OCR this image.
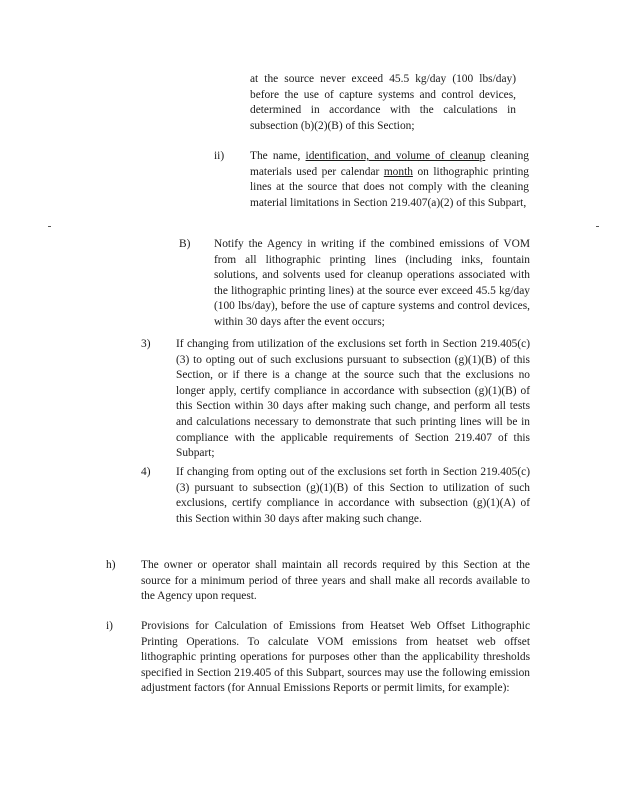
at the source never exceed 45.5 kg/day (100 lbs/day) before the use of capture systems and control devices, determined in accordance with the calculations in subsection (b)(2)(B) of this Section;

ii) The name, identification, and volume of cleanup cleaning materials used per calendar month on lithographic printing lines at the source that does not comply with the cleaning material limitations in Section 219.407(a)(2) of this Subpart,

B) Notify the Agency in writing if the combined emissions of VOM from all lithographic printing lines (including inks, fountain solutions, and solvents used for cleanup operations associated with the lithographic printing lines) at the source ever exceed 45.5 kg/day (100 lbs/day), before the use of capture systems and control devices, within 30 days after the event occurs;

3) If changing from utilization of the exclusions set forth in Section 219.405(c)(3) to opting out of such exclusions pursuant to subsection (g)(1)(B) of this Section, or if there is a change at the source such that the exclusions no longer apply, certify compliance in accordance with subsection (g)(1)(B) of this Section within 30 days after making such change, and perform all tests and calculations necessary to demonstrate that such printing lines will be in compliance with the applicable requirements of Section 219.407 of this Subpart;

4) If changing from opting out of the exclusions set forth in Section 219.405(c)(3) pursuant to subsection (g)(1)(B) of this Section to utilization of such exclusions, certify compliance in accordance with subsection (g)(1)(A) of this Section within 30 days after making such change.

h) The owner or operator shall maintain all records required by this Section at the source for a minimum period of three years and shall make all records available to the Agency upon request.

i) Provisions for Calculation of Emissions from Heatset Web Offset Lithographic Printing Operations. To calculate VOM emissions from heatset web offset lithographic printing operations for purposes other than the applicability thresholds specified in Section 219.405 of this Subpart, sources may use the following emission adjustment factors (for Annual Emissions Reports or permit limits, for example):
